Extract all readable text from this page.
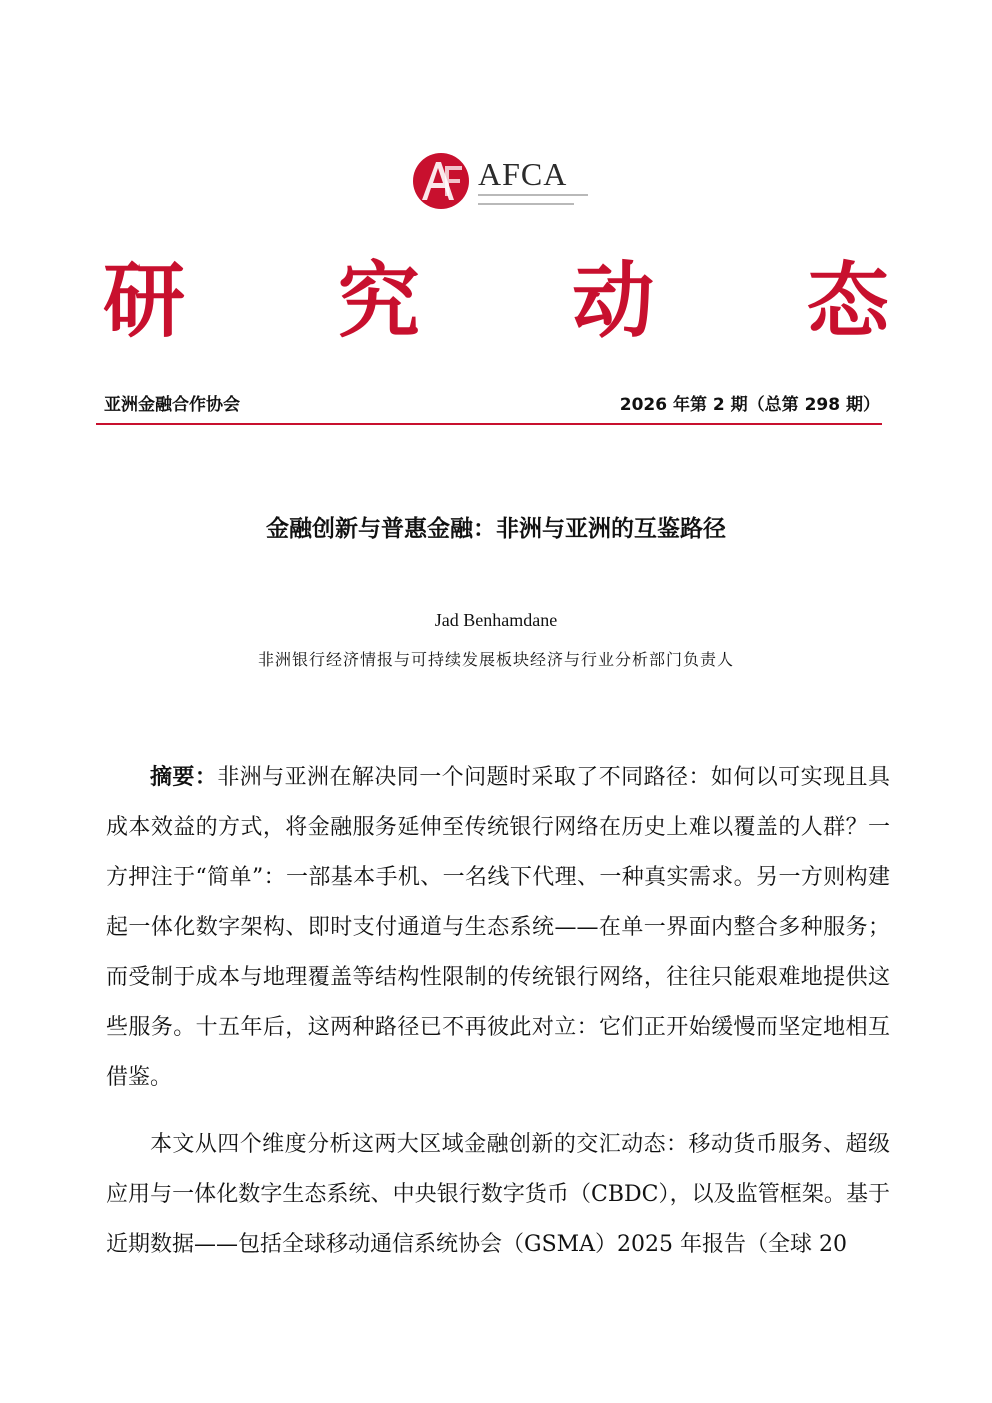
AFCA
研 究 动 态
亚洲金融合作协会	2026 年第 2 期（总第 298 期）
金融创新与普惠金融：非洲与亚洲的互鉴路径
Jad Benhamdane
非洲银行经济情报与可持续发展板块经济与行业分析部门负责人

摘要：非洲与亚洲在解决同一个问题时采取了不同路径：如何以可实现且具成本效益的方式，将金融服务延伸至传统银行网络在历史上难以覆盖的人群？一方押注于“简单”：一部基本手机、一名线下代理、一种真实需求。另一方则构建起一体化数字架构、即时支付通道与生态系统——在单一界面内整合多种服务；而受制于成本与地理覆盖等结构性限制的传统银行网络，往往只能艰难地提供这些服务。十五年后，这两种路径已不再彼此对立：它们正开始缓慢而坚定地相互借鉴。

本文从四个维度分析这两大区域金融创新的交汇动态：移动货币服务、超级应用与一体化数字生态系统、中央银行数字货币（CBDC），以及监管框架。基于近期数据——包括全球移动通信系统协会（GSMA）2025 年报告（全球 20
